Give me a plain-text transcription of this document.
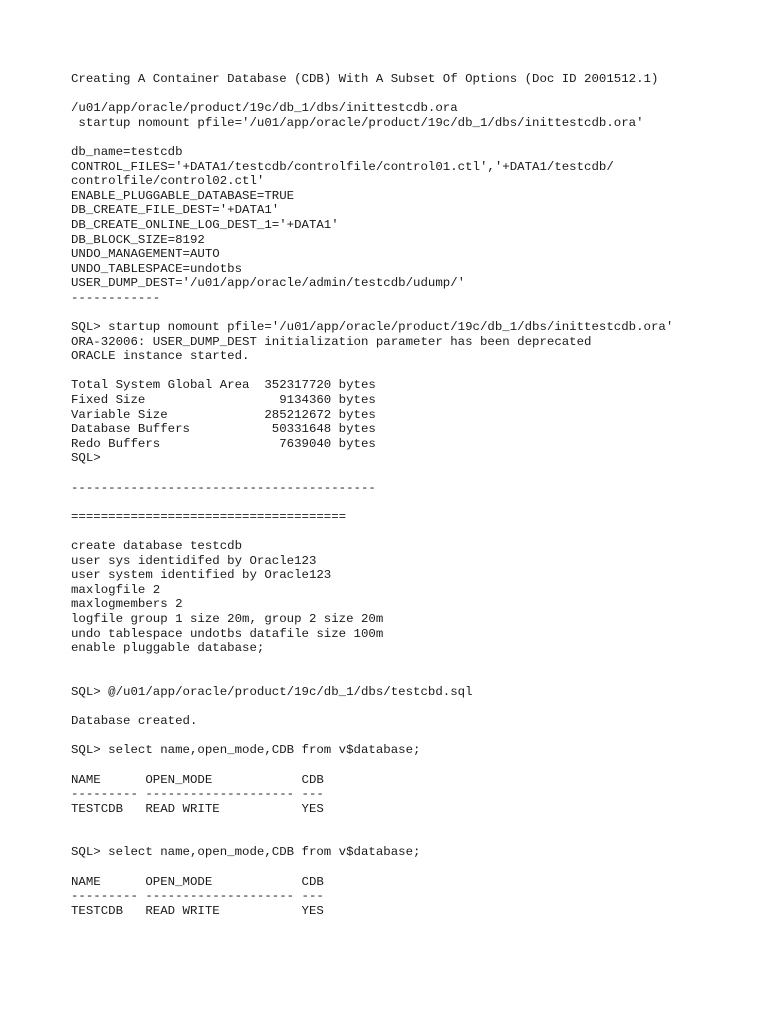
Creating A Container Database (CDB) With A Subset Of Options (Doc ID 2001512.1)
/u01/app/oracle/product/19c/db_1/dbs/inittestcdb.ora
startup nomount pfile='/u01/app/oracle/product/19c/db_1/dbs/inittestcdb.ora'
db_name=testcdb
CONTROL_FILES='+DATA1/testcdb/controlfile/control01.ctl','+DATA1/testcdb/
controlfile/control02.ctl'
ENABLE_PLUGGABLE_DATABASE=TRUE
DB_CREATE_FILE_DEST='+DATA1'
DB_CREATE_ONLINE_LOG_DEST_1='+DATA1'
DB_BLOCK_SIZE=8192
UNDO_MANAGEMENT=AUTO
UNDO_TABLESPACE=undotbs
USER_DUMP_DEST='/u01/app/oracle/admin/testcdb/udump/'
------------
SQL> startup nomount pfile='/u01/app/oracle/product/19c/db_1/dbs/inittestcdb.ora'
ORA-32006: USER_DUMP_DEST initialization parameter has been deprecated
ORACLE instance started.
Total System Global Area  352317720 bytes
Fixed Size                  9134360 bytes
Variable Size             285212672 bytes
Database Buffers           50331648 bytes
Redo Buffers                7639040 bytes
SQL>
-----------------------------------------
=====================================
create database testcdb
user sys identidifed by Oracle123
user system identified by Oracle123
maxlogfile 2
maxlogmembers 2
logfile group 1 size 20m, group 2 size 20m
undo tablespace undotbs datafile size 100m
enable pluggable database;
SQL> @/u01/app/oracle/product/19c/db_1/dbs/testcbd.sql
Database created.
SQL> select name,open_mode,CDB from v$database;
NAME      OPEN_MODE            CDB
--------- -------------------- ---
TESTCDB   READ WRITE           YES
SQL> select name,open_mode,CDB from v$database;
NAME      OPEN_MODE            CDB
--------- -------------------- ---
TESTCDB   READ WRITE           YES
